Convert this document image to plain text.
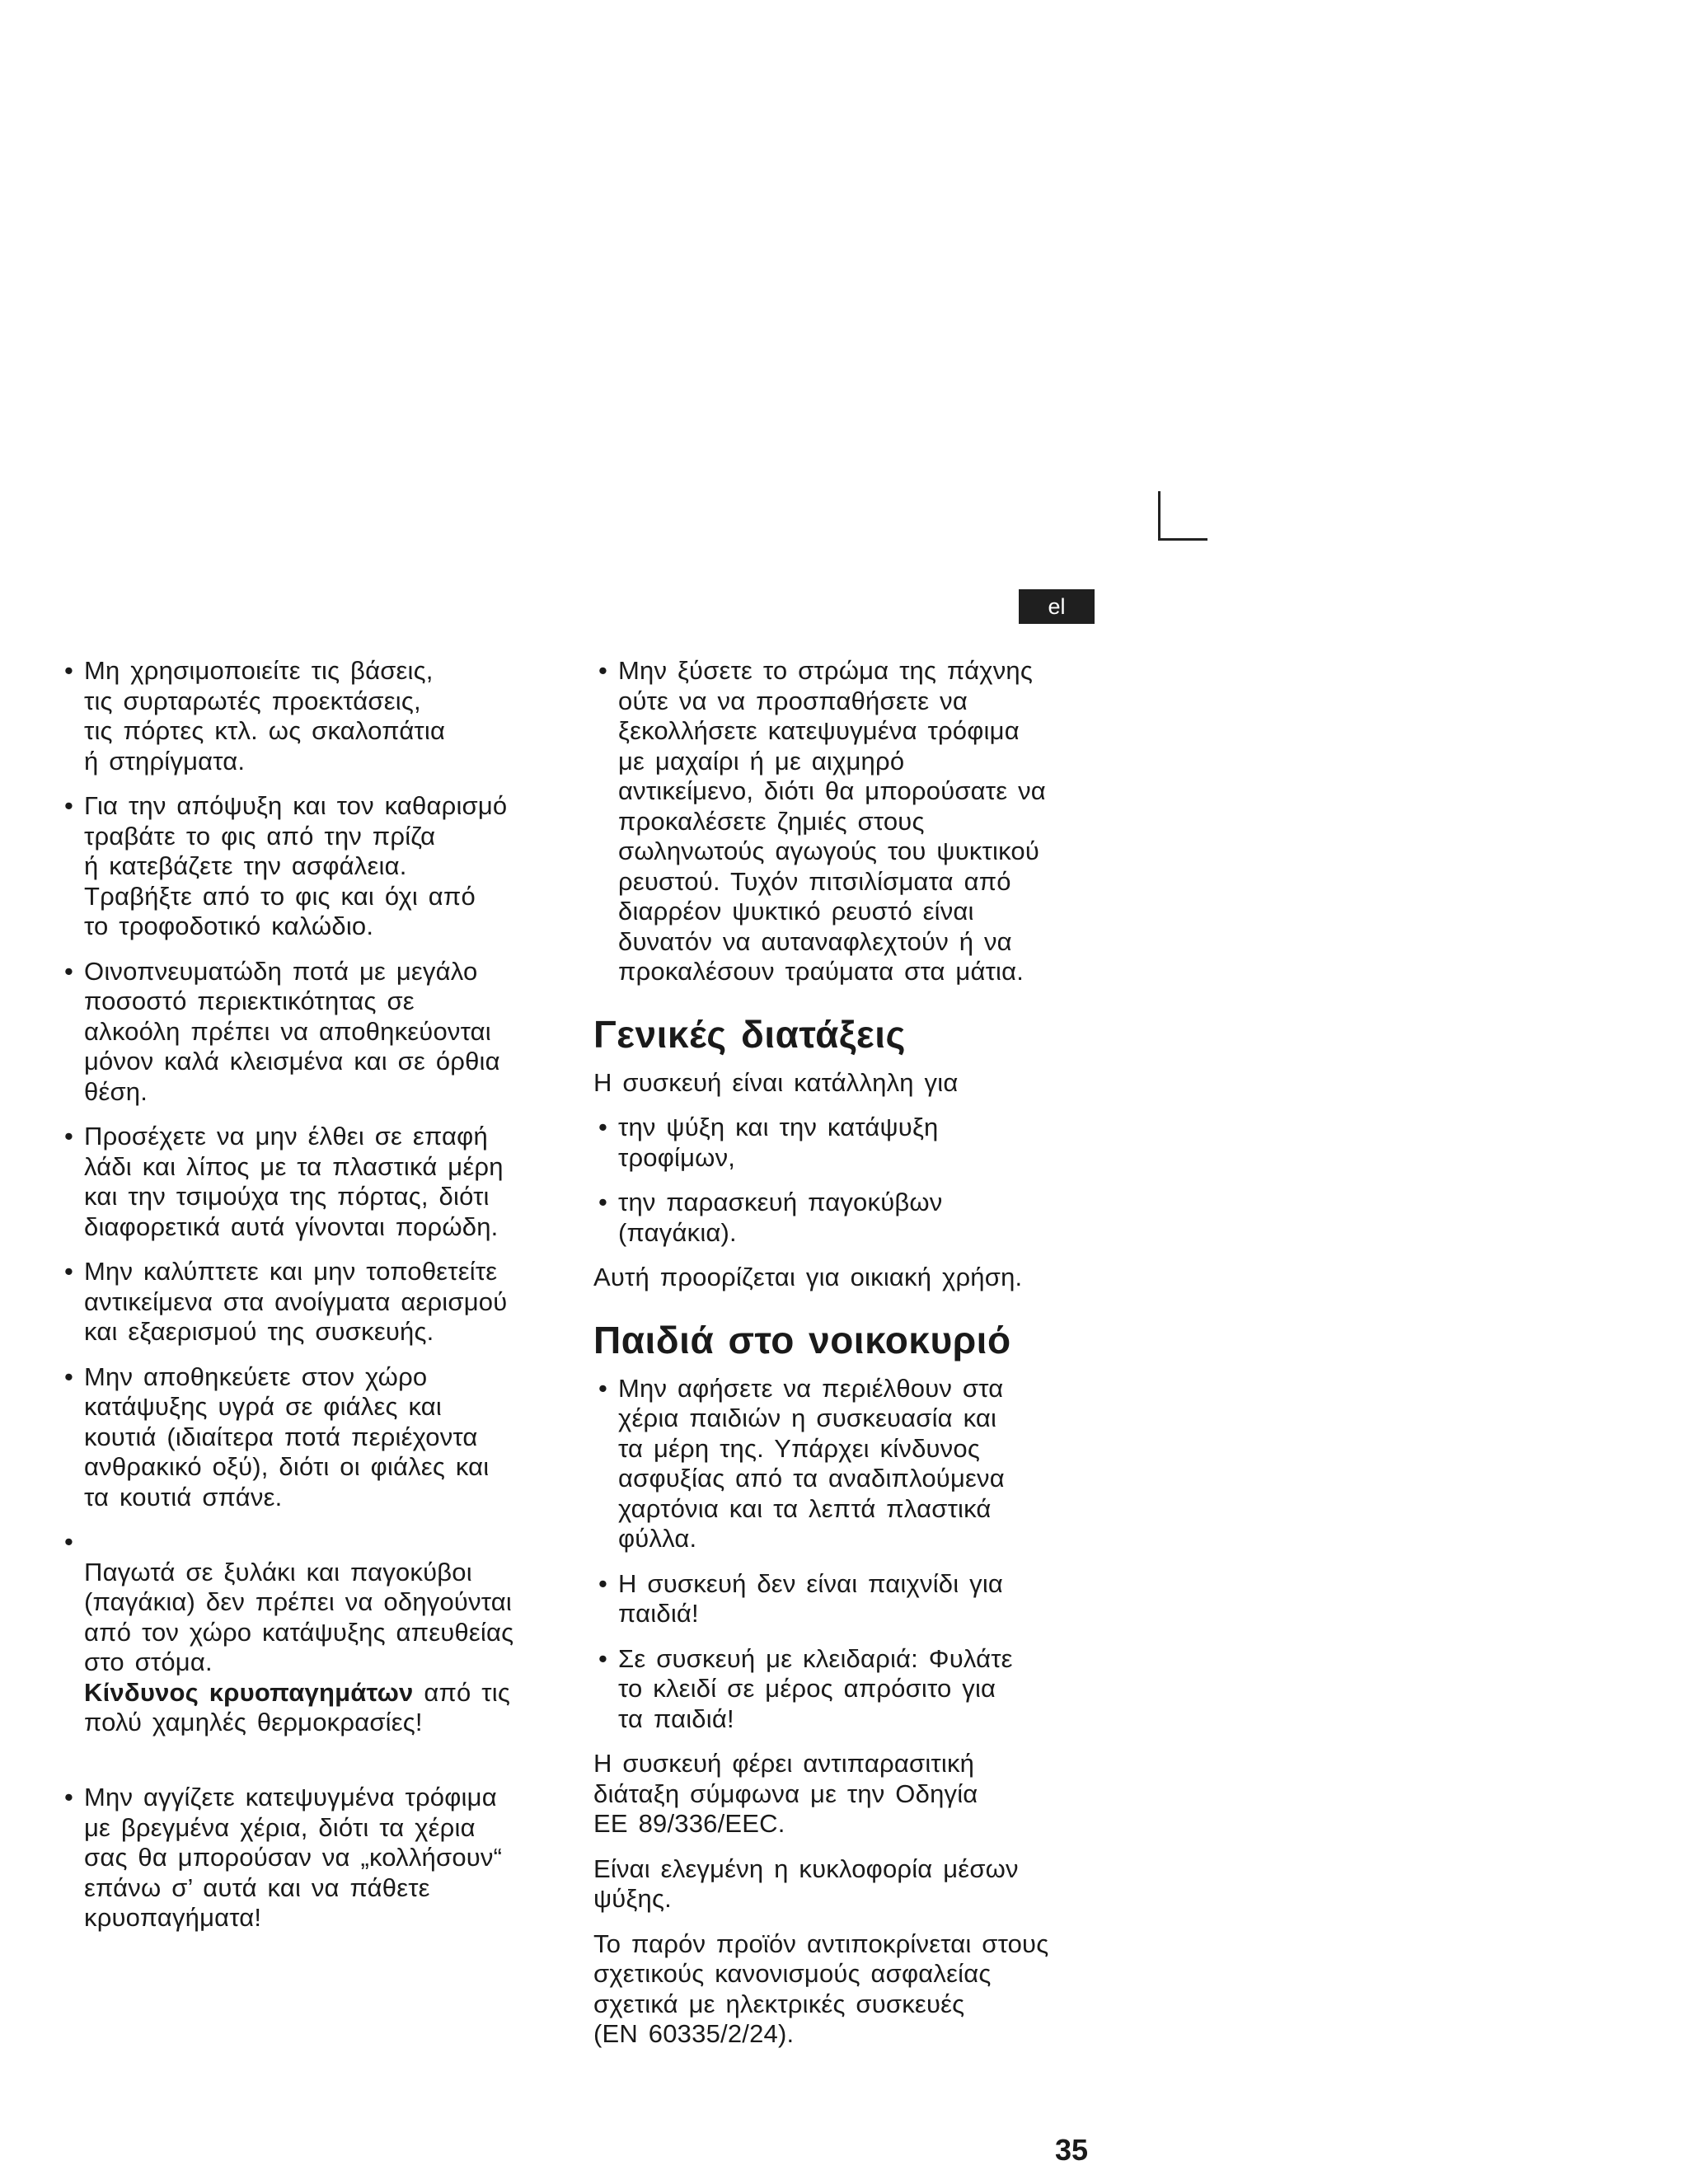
el
• Μη χρησιμοποιείτε τις βάσεις,
τις συρταρωτές προεκτάσεις,
τις πόρτες κτλ. ως σκαλοπάτια
ή στηρίγματα.
• Για την απόψυξη και τον καθαρισμό
τραβάτε το φις από την πρίζα
ή κατεβάζετε την ασφάλεια.
Τραβήξτε από το φις και όχι από
το τροφοδοτικό καλώδιο.
• Οινοπνευματώδη ποτά με μεγάλο
ποσοστό περιεκτικότητας σε
αλκοόλη πρέπει να αποθηκεύονται
μόνον καλά κλεισμένα και σε όρθια
θέση.
• Προσέχετε να μην έλθει σε επαφή
λάδι και λίπος με τα πλαστικά μέρη
και την τσιμούχα της πόρτας, διότι
διαφορετικά αυτά γίνονται πορώδη.
• Μην καλύπτετε και μην τοποθετείτε
αντικείμενα στα ανοίγματα αερισμού
και εξαερισμού της συσκευής.
• Μην αποθηκεύετε στον χώρο
κατάψυξης υγρά σε φιάλες και
κουτιά (ιδιαίτερα ποτά περιέχοντα
ανθρακικό οξύ), διότι οι φιάλες και
τα κουτιά σπάνε.

• Παγωτά σε ξυλάκι και παγοκύβοι
(παγάκια) δεν πρέπει να οδηγούνται
από τον χώρο κατάψυξης απευθείας
στο στόμα.

Κίνδυνος κρυοπαγημάτων από τις
πολύ χαμηλές θερμοκρασίες!

• Μην αγγίζετε κατεψυγμένα τρόφιμα
με βρεγμένα χέρια, διότι τα χέρια
σας θα μπορούσαν να „κολλήσουν“
επάνω σ’ αυτά και να πάθετε
κρυοπαγήματα!
• Μην ξύσετε το στρώμα της πάχνης
ούτε να να προσπαθήσετε να
ξεκολλήσετε κατεψυγμένα τρόφιμα
με μαχαίρι ή με αιχμηρό
αντικείμενο, διότι θα μπορούσατε να
προκαλέσετε ζημιές στους
σωληνωτούς αγωγούς του ψυκτικού
ρευστού. Τυχόν πιτσιλίσματα από
διαρρέον ψυκτικό ρευστό είναι
δυνατόν να αυταναφλεχτούν ή να
προκαλέσουν τραύματα στα μάτια.
Γενικές διατάξεις
Η συσκευή είναι κατάλληλη για
• την ψύξη και την κατάψυξη
τροφίμων,
• την παρασκευή παγοκύβων
(παγάκια).
Αυτή προορίζεται για οικιακή χρήση.
Παιδιά στο νοικοκυριό
• Μην αφήσετε να περιέλθουν στα
χέρια παιδιών η συσκευασία και
τα μέρη της. Υπάρχει κίνδυνος
ασφυξίας από τα αναδιπλούμενα
χαρτόνια και τα λεπτά πλαστικά
φύλλα.
• Η συσκευή δεν είναι παιχνίδι για
παιδιά!
• Σε συσκευή με κλειδαριά: Φυλάτε
το κλειδί σε μέρος απρόσιτο για
τα παιδιά!
Η συσκευή φέρει αντιπαρασιτική
διάταξη σύμφωνα με την Οδηγία
ΕΕ 89/336/ΕΕC.
Είναι ελεγμένη η κυκλοφορία μέσων
ψύξης.
Το παρόν προϊόν αντιποκρίνεται στους
σχετικούς κανονισμούς ασφαλείας
σχετικά με ηλεκτρικές συσκευές
(ΕΝ 60335/2/24).
35
